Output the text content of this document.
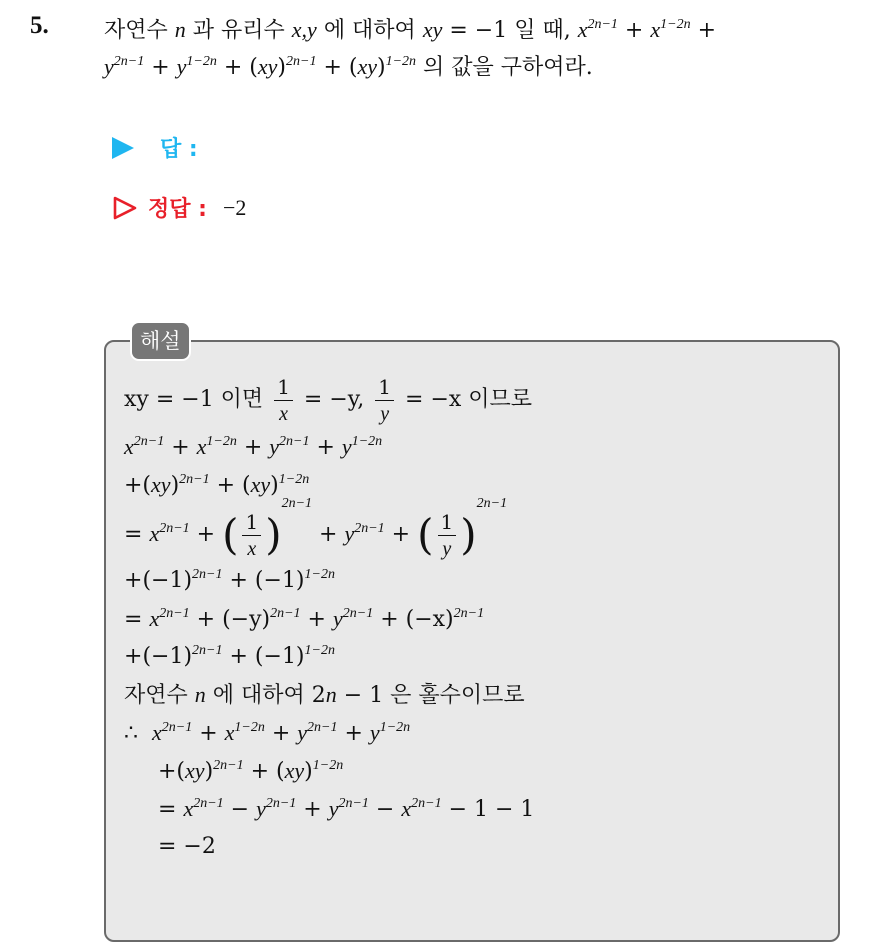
5.	자연수 n 과 유리수 x,y 에 대하여 xy = −1 일 때, $x^{2n-1} + x^{1-2n}$ +
$y^{2n-1} + y^{1-2n} + (xy)^{2n-1} + (xy)^{1-2n}$ 의 값을 구하여라.
답 :
정답 : −2
해설
xy = −1 이면 $\frac{1}{x} = -y$, $\frac{1}{y} = -x$ 이므로
$x^{2n-1} + x^{1-2n} + y^{2n-1} + y^{1-2n}$
+(xy)$^{2n-1}$ + (xy)$^{1-2n}$
= $x^{2n-1}$ + ( $\frac{1}{x} )^{2n-1} + y^{2n-1}$ + ( $\frac{1}{y} )^{2n-1}$
$+(-1)^{2n-1} + (-1)^{1-2n}$
= $x^{2n-1} + (-y)^{2n-1} + y^{2n-1} + (-x)^{2n-1}$
$+(-1)^{2n-1} + (-1)^{1-2n}$
자연수 n 에 대하여 2n − 1 은 홀수이므로
∴ $x^{2n-1} + x^{1-2n} + y^{2n-1} + y^{1-2n}$
+(xy)$^{2n-1}$ + (xy)$^{1-2n}$
= $x^{2n-1} - y^{2n-1} + y^{2n-1} - x^{2n-1} - 1 - 1$
= −2
